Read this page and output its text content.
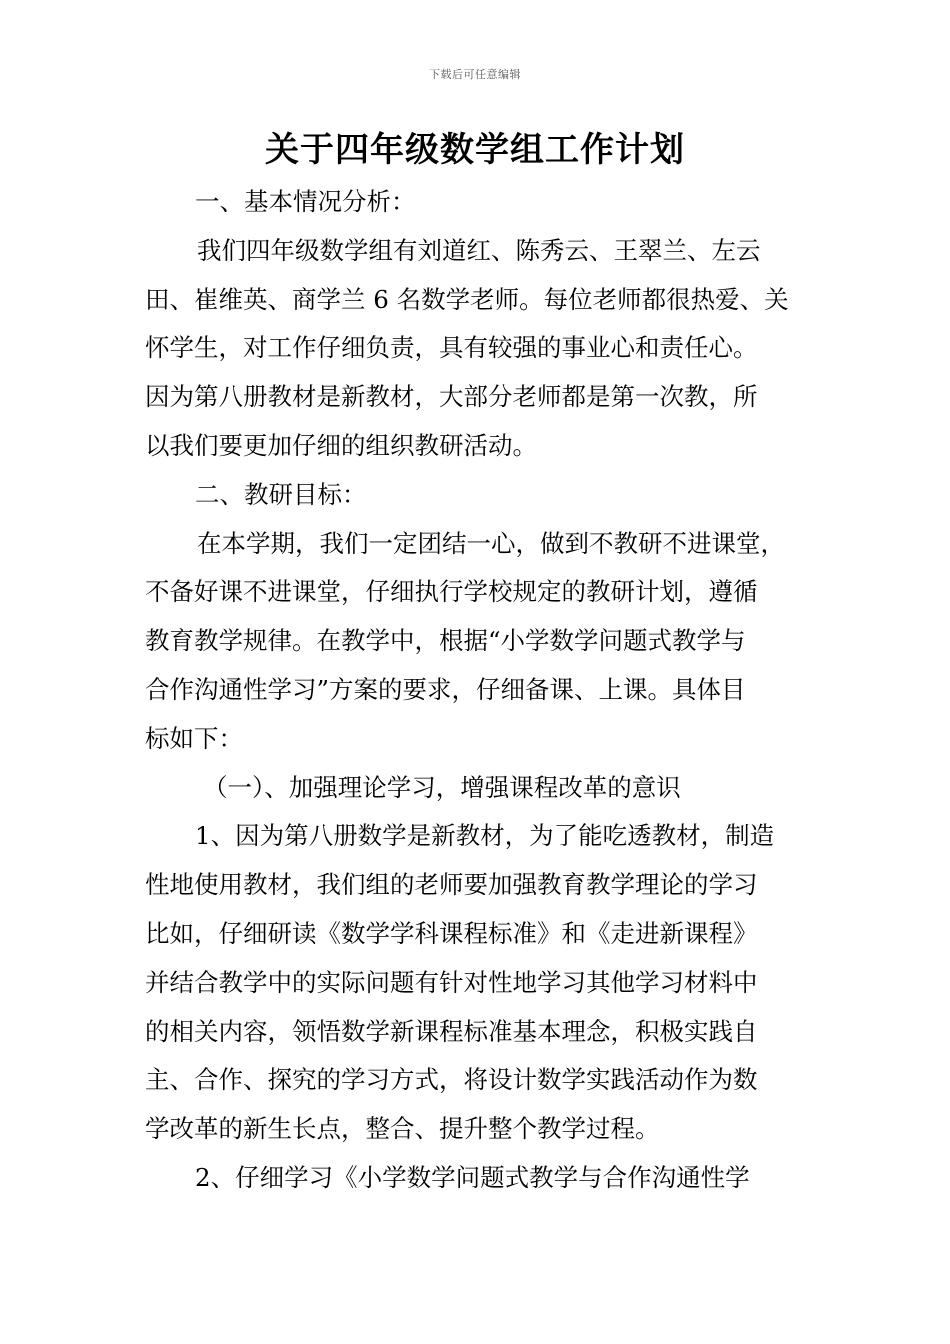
下载后可任意编辑
关于四年级数学组工作计划
一、基本情况分析：
我们四年级数学组有刘道红、陈秀云、王翠兰、左云
田、崔维英、商学兰 6 名数学老师。每位老师都很热爱、关
怀学生，对工作仔细负责，具有较强的事业心和责任心。
因为第八册教材是新教材，大部分老师都是第一次教，所
以我们要更加仔细的组织教研活动。
二、教研目标：
在本学期，我们一定团结一心，做到不教研不进课堂，
不备好课不进课堂，仔细执行学校规定的教研计划，遵循
教育教学规律。在教学中，根据“小学数学问题式教学与
合作沟通性学习”方案的要求，仔细备课、上课。具体目
标如下：
（一）、加强理论学习，增强课程改革的意识
1、因为第八册数学是新教材，为了能吃透教材，制造
性地使用教材，我们组的老师要加强教育教学理论的学习
比如，仔细研读《数学学科课程标准》和《走进新课程》
并结合教学中的实际问题有针对性地学习其他学习材料中
的相关内容，领悟数学新课程标准基本理念，积极实践自
主、合作、探究的学习方式，将设计数学实践活动作为数
学改革的新生长点，整合、提升整个教学过程。
2、仔细学习《小学数学问题式教学与合作沟通性学
